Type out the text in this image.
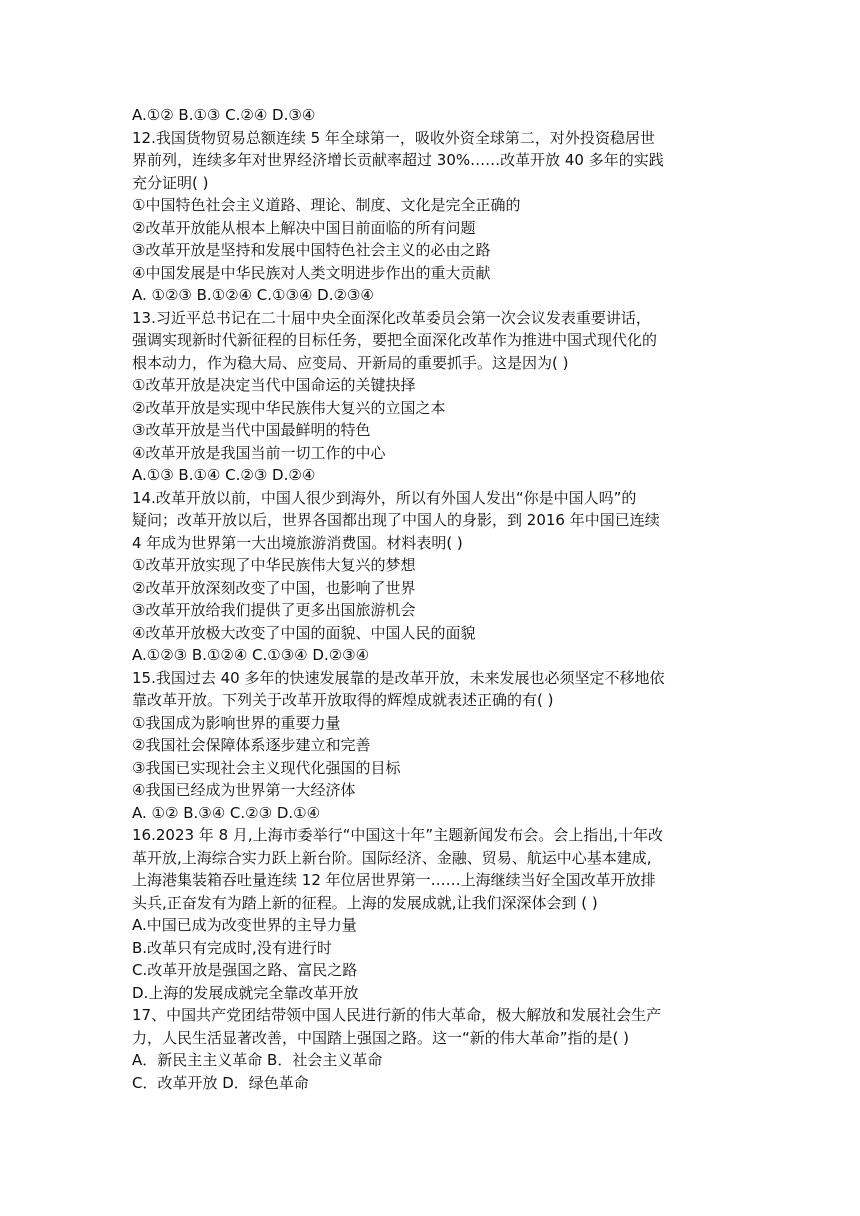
A.①② B.①③ C.②④ D.③④
12.我国货物贸易总额连续 5 年全球第一，吸收外资全球第二，对外投资稳居世
界前列，连续多年对世界经济增长贡献率超过 30%……改革开放 40 多年的实践
充分证明( )
①中国特色社会主义道路、理论、制度、文化是完全正确的
②改革开放能从根本上解决中国目前面临的所有问题
③改革开放是坚持和发展中国特色社会主义的必由之路
④中国发展是中华民族对人类文明进步作出的重大贡献
A. ①②③ B.①②④ C.①③④ D.②③④
13.习近平总书记在二十届中央全面深化改革委员会第一次会议发表重要讲话，
强调实现新时代新征程的目标任务，要把全面深化改革作为推进中国式现代化的
根本动力，作为稳大局、应变局、开新局的重要抓手。这是因为( )
①改革开放是决定当代中国命运的关键抉择
②改革开放是实现中华民族伟大复兴的立国之本
③改革开放是当代中国最鲜明的特色
④改革开放是我国当前一切工作的中心
A.①③ B.①④ C.②③ D.②④
14.改革开放以前，中国人很少到海外，所以有外国人发出“你是中国人吗”的
疑问；改革开放以后，世界各国都出现了中国人的身影，到 2016 年中国已连续
4 年成为世界第一大出境旅游消费国。材料表明( )
①改革开放实现了中华民族伟大复兴的梦想
②改革开放深刻改变了中国，也影响了世界
③改革开放给我们提供了更多出国旅游机会
④改革开放极大改变了中国的面貌、中国人民的面貌
A.①②③ B.①②④ C.①③④ D.②③④
15.我国过去 40 多年的快速发展靠的是改革开放，未来发展也必须坚定不移地依
靠改革开放。下列关于改革开放取得的辉煌成就表述正确的有( )
①我国成为影响世界的重要力量
②我国社会保障体系逐步建立和完善
③我国已实现社会主义现代化强国的目标
④我国已经成为世界第一大经济体
A. ①② B.③④ C.②③ D.①④
16.2023 年 8 月,上海市委举行“中国这十年”主题新闻发布会。会上指出,十年改
革开放,上海综合实力跃上新台阶。国际经济、金融、贸易、航运中心基本建成,
上海港集装箱吞吐量连续 12 年位居世界第一……上海继续当好全国改革开放排
头兵,正奋发有为踏上新的征程。上海的发展成就,让我们深深体会到 ( )
A.中国已成为改变世界的主导力量
B.改革只有完成时,没有进行时
C.改革开放是强国之路、富民之路
D.上海的发展成就完全靠改革开放
17、中国共产党团结带领中国人民进行新的伟大革命，极大解放和发展社会生产
力，人民生活显著改善，中国踏上强国之路。这一“新的伟大革命”指的是( )
A．新民主主义革命 B．社会主义革命
C．改革开放 D．绿色革命
